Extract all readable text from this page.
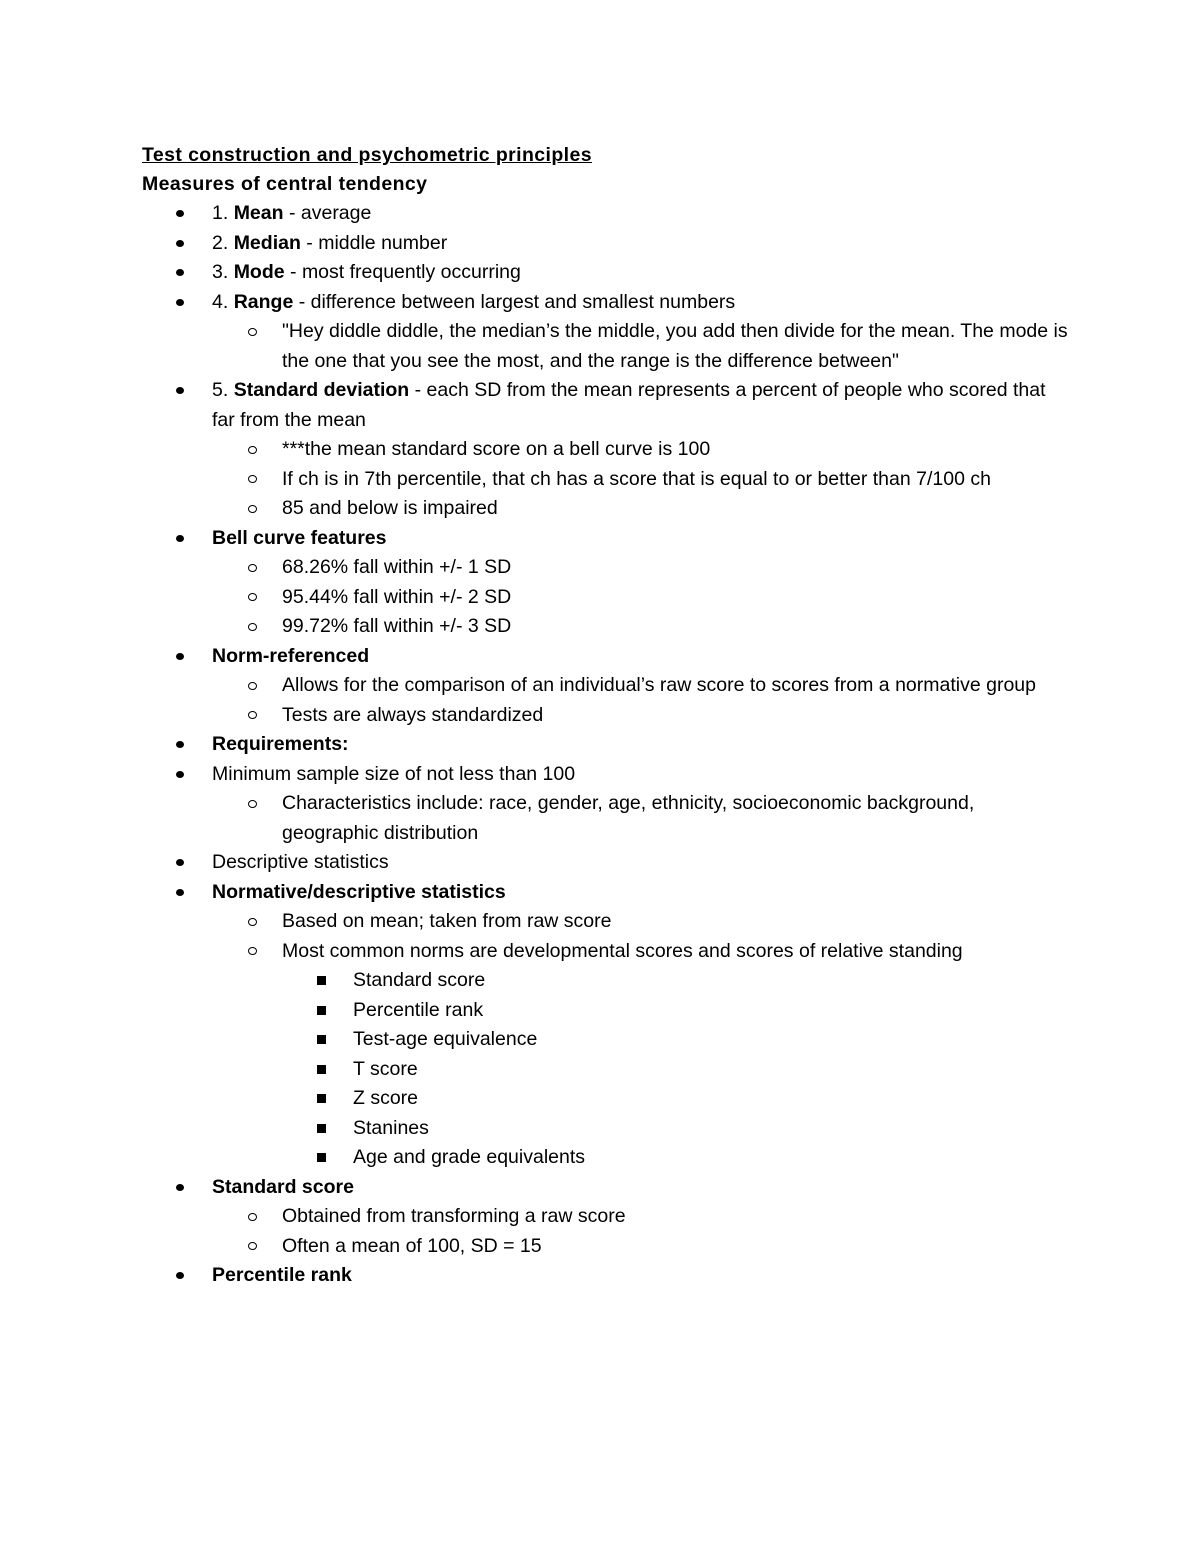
Test construction and psychometric principles
Measures of central tendency
1. Mean - average
2. Median - middle number
3. Mode - most frequently occurring
4. Range - difference between largest and smallest numbers
"Hey diddle diddle, the median’s the middle, you add then divide for the mean. The mode is the one that you see the most, and the range is the difference between"
5. Standard deviation - each SD from the mean represents a percent of people who scored that far from the mean
***the mean standard score on a bell curve is 100
If ch is in 7th percentile, that ch has a score that is equal to or better than 7/100 ch
85 and below is impaired
Bell curve features
68.26% fall within +/- 1 SD
95.44% fall within +/- 2 SD
99.72% fall within +/- 3 SD
Norm-referenced
Allows for the comparison of an individual’s raw score to scores from a normative group
Tests are always standardized
Requirements:
Minimum sample size of not less than 100
Characteristics include: race, gender, age, ethnicity, socioeconomic background, geographic distribution
Descriptive statistics
Normative/descriptive statistics
Based on mean; taken from raw score
Most common norms are developmental scores and scores of relative standing
Standard score
Percentile rank
Test-age equivalence
T score
Z score
Stanines
Age and grade equivalents
Standard score
Obtained from transforming a raw score
Often a mean of 100, SD = 15
Percentile rank
